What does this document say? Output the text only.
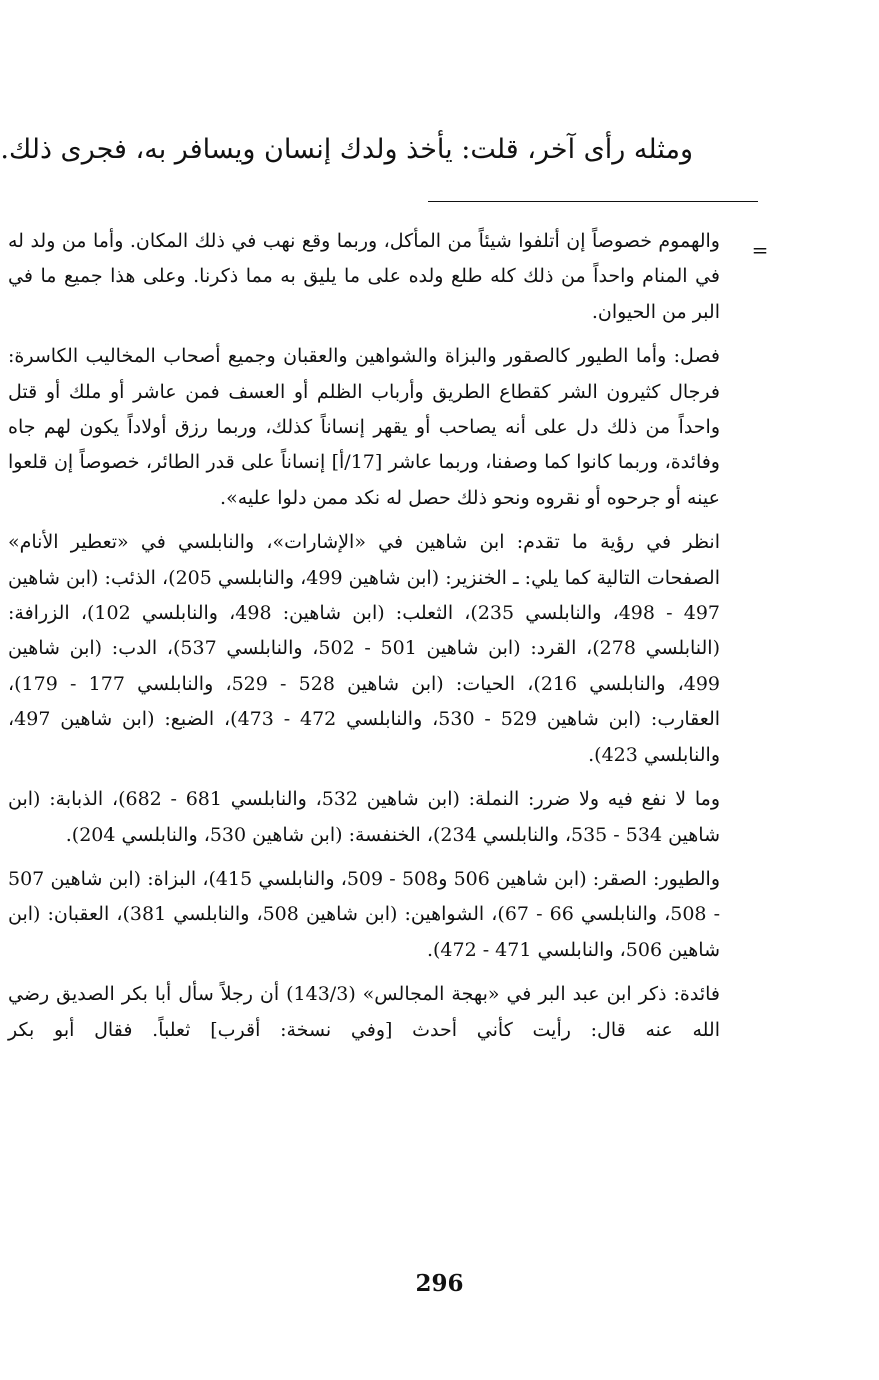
ومثله رأى آخر، قلت: يأخذ ولدك إنسان ويسافر به، فجرى ذلك.
=

والهموم خصوصاً إن أتلفوا شيئاً من المأكل، وربما وقع نهب في ذلك المكان. وأما من ولد له في المنام واحداً من ذلك كله طلع ولده على ما يليق به مما ذكرنا. وعلى هذا جميع ما في البر من الحيوان.

فصل: وأما الطيور كالصقور والبزاة والشواهين والعقبان وجميع أصحاب المخاليب الكاسرة: فرجال كثيرون الشر كقطاع الطريق وأرباب الظلم أو العسف فمن عاشر أو ملك أو قتل واحداً من ذلك دل على أنه يصاحب أو يقهر إنساناً كذلك، وربما رزق أولاداً يكون لهم جاه وفائدة، وربما كانوا كما وصفنا، وربما عاشر [17/أ] إنساناً على قدر الطائر، خصوصاً إن قلعوا عينه أو جرحوه أو نقروه ونحو ذلك حصل له نكد ممن دلوا عليه».

انظر في رؤية ما تقدم: ابن شاهين في «الإشارات»، والنابلسي في «تعطير الأنام» الصفحات التالية كما يلي: ـ الخنزير: (ابن شاهين 499، والنابلسي 205)، الذئب: (ابن شاهين 497 - 498، والنابلسي 235)، الثعلب: (ابن شاهين: 498، والنابلسي 102)، الزرافة: (النابلسي 278)، القرد: (ابن شاهين 501 - 502، والنابلسي 537)، الدب: (ابن شاهين 499، والنابلسي 216)، الحيات: (ابن شاهين 528 - 529، والنابلسي 177 - 179)، العقارب: (ابن شاهين 529 - 530، والنابلسي 472 - 473)، الضبع: (ابن شاهين 497، والنابلسي 423).

وما لا نفع فيه ولا ضرر: النملة: (ابن شاهين 532، والنابلسي 681 - 682)، الذبابة: (ابن شاهين 534 - 535، والنابلسي 234)، الخنفسة: (ابن شاهين 530، والنابلسي 204).

والطيور: الصقر: (ابن شاهين 506 و508 - 509، والنابلسي 415)، البزاة: (ابن شاهين 507 - 508، والنابلسي 66 - 67)، الشواهين: (ابن شاهين 508، والنابلسي 381)، العقبان: (ابن شاهين 506، والنابلسي 471 - 472).

فائدة: ذكر ابن عبد البر في «بهجة المجالس» (143/3) أن رجلاً سأل أبا بكر الصديق رضي الله عنه قال: رأيت كأني أحدث [وفي نسخة: أقرب] ثعلباً. فقال أبو بكر

296
